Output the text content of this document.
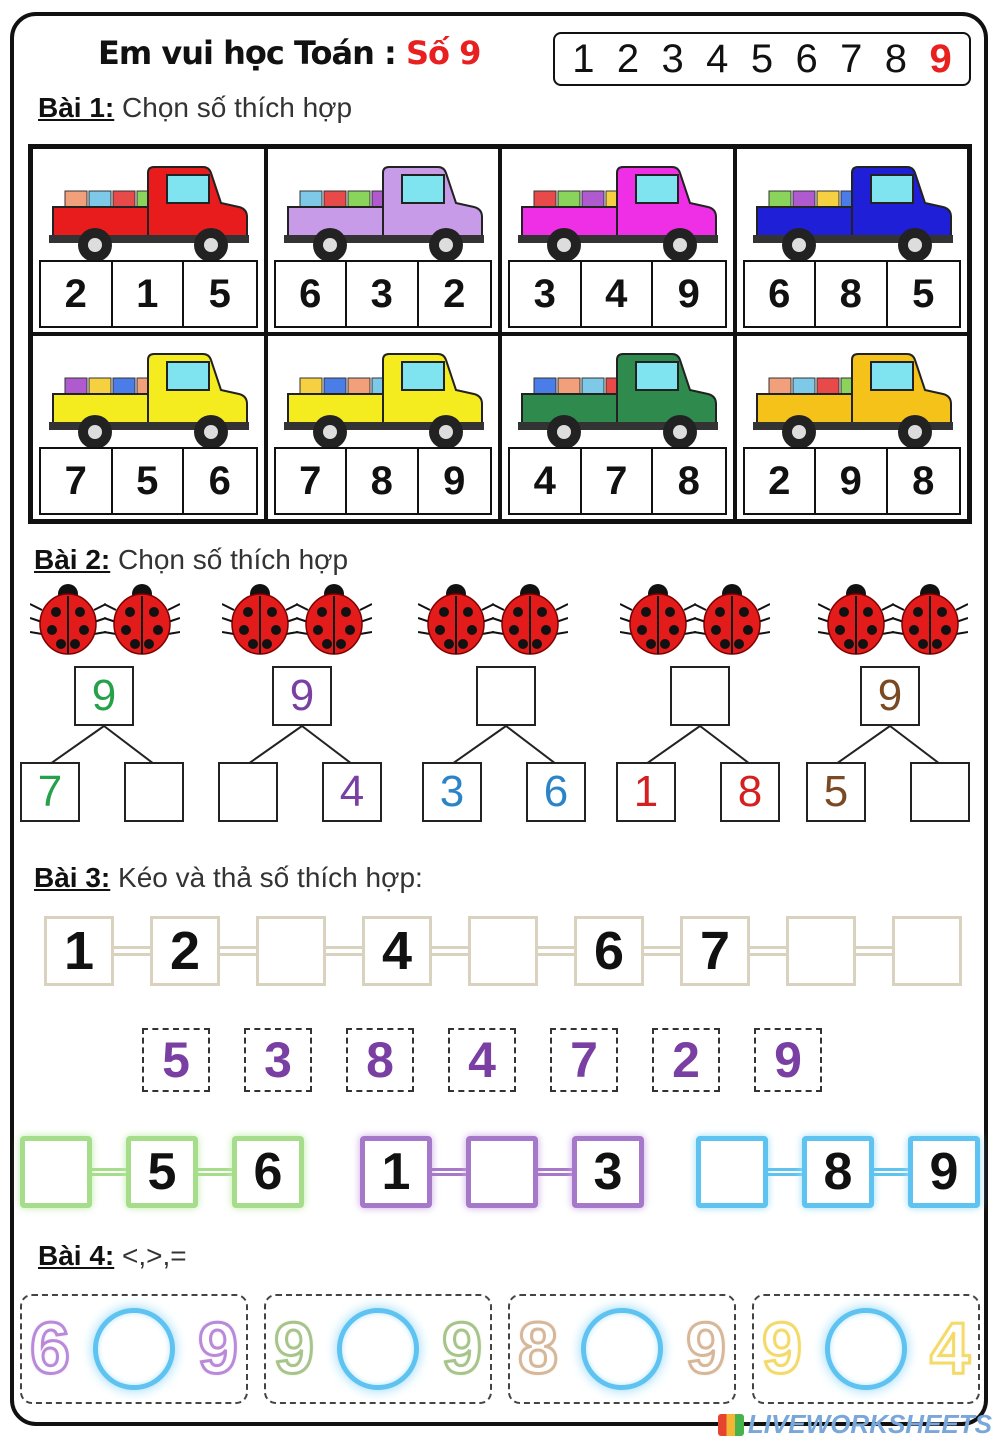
Em vui học Toán : Số 9 1 2 3 4 5 6 7 8 9
Bài 1: Chọn số thích hợp
2	1	5	6	3	2	3	4	9	6	8	5
7	5	6	7	8	9	4	7	8	2	9	8
Bài 2: Chọn số thích hợp
9
7
9
4	3	6	1	8
9
5
Bài 3: Kéo và thả số thích hợp:
1	2	4	6	7
5	3	8	4	7	2	9
5	6	1	3	8	9
Bài 4: <,>,=
6 9 9 9 8 9 9 4
LIVEWORKSHEETS
